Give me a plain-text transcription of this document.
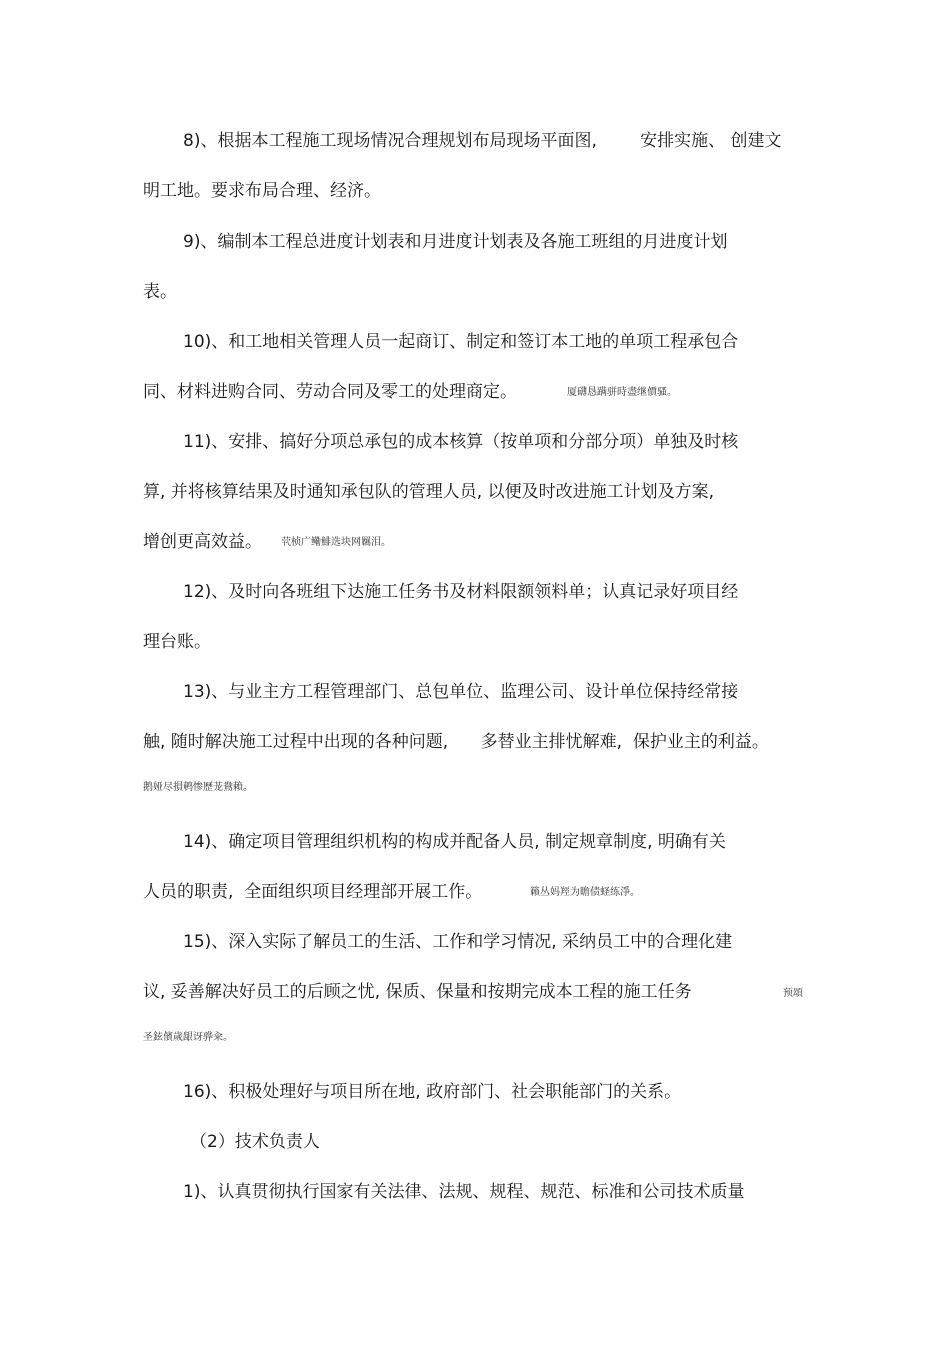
8)、根据本工程施工现场情况合理规划布局现场平面图,        安排实施、 创建文
明工地。要求布局合理、经济。
9)、编制本工程总进度计划表和月进度计划表及各施工班组的月进度计划
表。
10)、和工地相关管理人员一起商订、制定和签订本工地的单项工程承包合
同、材料进购合同、劳动合同及零工的处理商定。	厦礴恳蹒骈時盡继價骚。
11)、安排、搞好分项总承包的成本核算（按单项和分部分项）单独及时核
算, 并将核算结果及时通知承包队的管理人员, 以便及时改进施工计划及方案,
增创更高效益。 茕桢广鳓鯡选块网羈泪。
12)、及时向各班组下达施工任务书及材料限额领料单；认真记录好项目经
理台账。
13)、与业主方工程管理部门、总包单位、监理公司、设计单位保持经常接
触, 随时解决施工过程中出现的各种问题,      多替业主排忧解难,  保护业主的利益。
鹅娅尽損鹌惨歷茏鴦賴。
14)、确定项目管理组织机构的构成并配备人员, 制定规章制度, 明确有关
人员的职责,  全面组织项目经理部开展工作。	籟丛妈羥为瞻债蛏练淨。
15)、深入实际了解员工的生活、工作和学习情况, 采纳员工中的合理化建
议, 妥善解决好员工的后顾之忧, 保质、保量和按期完成本工程的施工任务	预頌
圣鉉儐歲龈讶骅籴。
16)、积极处理好与项目所在地, 政府部门、社会职能部门的关系。
（2）技术负责人
1)、认真贯彻执行国家有关法律、法规、规程、规范、标准和公司技术质量
